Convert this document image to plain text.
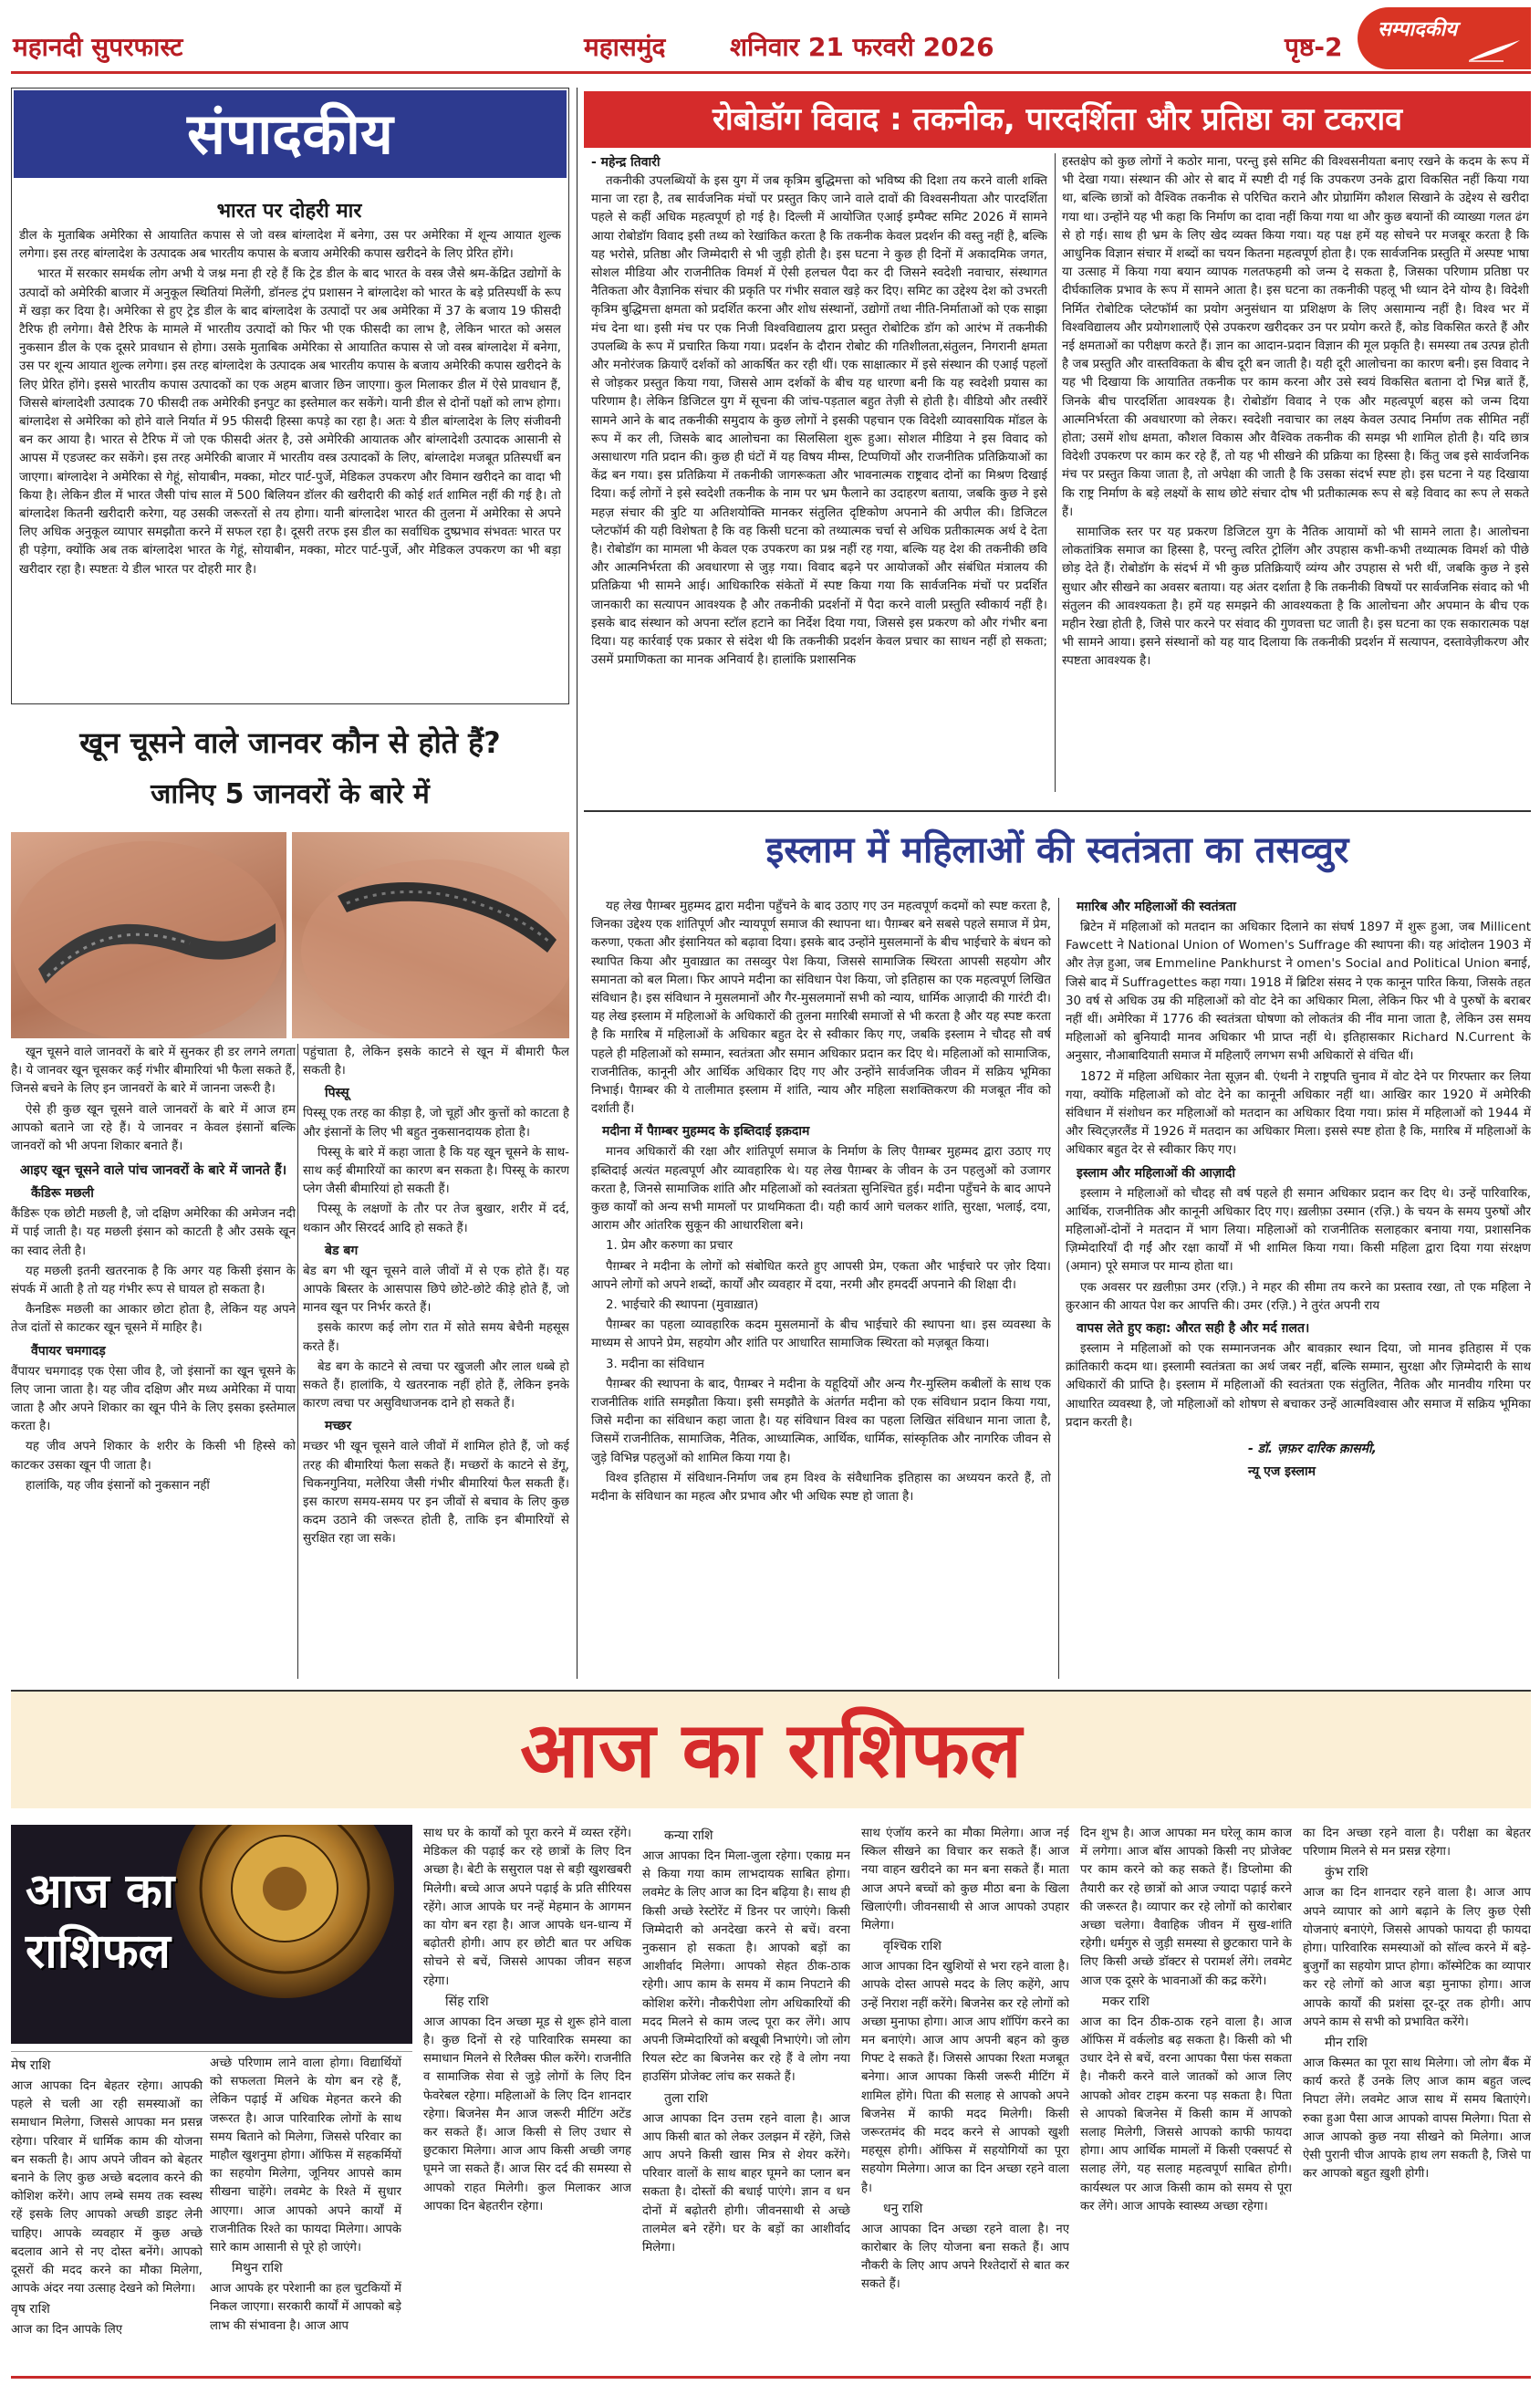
महानदी सुपरफास्ट	महासमुंद	शनिवार 21 फरवरी 2026	पृष्ठ-2
सम्पादकीय
संपादकीय
भारत पर दोहरी मार

डील के मुताबिक अमेरिका से आयातित कपास से जो वस्त्र बांग्लादेश में बनेगा, उस पर अमेरिका में शून्य आयात शुल्क लगेगा। इस तरह बांग्लादेश के उत्पादक अब भारतीय कपास के बजाय अमेरिकी कपास खरीदने के लिए प्रेरित होंगे।

भारत में सरकार समर्थक लोग अभी ये जश्न मना ही रहे हैं कि ट्रेड डील के बाद भारत के वस्त्र जैसे श्रम-केंद्रित उद्योगों के उत्पादों को अमेरिकी बाजार में अनुकूल स्थितियां मिलेंगी, डॉनल्ड ट्रंप प्रशासन ने बांग्लादेश को भारत के बड़े प्रतिस्पर्धी के रूप में खड़ा कर दिया है। अमेरिका से हुए ट्रेड डील के बाद बांग्लादेश के उत्पादों पर अब अमेरिका में 37 के बजाय 19 फीसदी टैरिफ ही लगेगा। वैसे टैरिफ के मामले में भारतीय उत्पादों को फिर भी एक फीसदी का लाभ है, लेकिन भारत को असल नुकसान डील के एक दूसरे प्रावधान से होगा। उसके मुताबिक अमेरिका से आयातित कपास से जो वस्त्र बांग्लादेश में बनेगा, उस पर शून्य आयात शुल्क लगेगा। इस तरह बांग्लादेश के उत्पादक अब भारतीय कपास के बजाय अमेरिकी कपास खरीदने के लिए प्रेरित होंगे। इससे भारतीय कपास उत्पादकों का एक अहम बाजार छिन जाएगा। कुल मिलाकर डील में ऐसे प्रावधान हैं, जिससे बांग्लादेशी उत्पादक 70 फीसदी तक अमेरिकी इनपुट का इस्तेमाल कर सकेंगे। यानी डील से दोनों पक्षों को लाभ होगा। बांग्लादेश से अमेरिका को होने वाले निर्यात में 95 फीसदी हिस्सा कपड़े का रहा है। अतः ये डील बांग्लादेश के लिए संजीवनी बन कर आया है। भारत से टैरिफ में जो एक फीसदी अंतर है, उसे अमेरिकी आयातक और बांग्लादेशी उत्पादक आसानी से आपस में एडजस्ट कर सकेंगे। इस तरह अमेरिकी बाजार में भारतीय वस्त्र उत्पादकों के लिए, बांग्लादेश मजबूत प्रतिस्पर्धी बन जाएगा। बांग्लादेश ने अमेरिका से गेहूं, सोयाबीन, मक्का, मोटर पार्ट-पुर्जे, मेडिकल उपकरण और विमान खरीदने का वादा भी किया है। लेकिन डील में भारत जैसी पांच साल में 500 बिलियन डॉलर की खरीदारी की कोई शर्त शामिल नहीं की गई है। तो बांग्लादेश कितनी खरीदारी करेगा, यह उसकी जरूरतों से तय होगा। यानी बांग्लादेश भारत की तुलना में अमेरिका से अपने लिए अधिक अनुकूल व्यापार समझौता करने में सफल रहा है। दूसरी तरफ इस डील का सर्वाधिक दुष्प्रभाव संभवतः भारत पर ही पड़ेगा, क्योंकि अब तक बांग्लादेश भारत के गेहूं, सोयाबीन, मक्का, मोटर पार्ट-पुर्जे, और मेडिकल उपकरण का भी बड़ा खरीदार रहा है। स्पष्टतः ये डील भारत पर दोहरी मार है।

रोबोडॉग विवाद : तकनीक, पारदर्शिता और प्रतिष्ठा का टकराव
- महेन्द्र तिवारी

तकनीकी उपलब्धियों के इस युग में जब कृत्रिम बुद्धिमत्ता को भविष्य की दिशा तय करने वाली शक्ति माना जा रहा है, तब सार्वजनिक मंचों पर प्रस्तुत किए जाने वाले दावों की विश्वसनीयता और पारदर्शिता पहले से कहीं अधिक महत्वपूर्ण हो गई है। दिल्ली में आयोजित एआई इम्पैक्ट समिट 2026 में सामने आया रोबोडॉग विवाद इसी तथ्य को रेखांकित करता है कि तकनीक केवल प्रदर्शन की वस्तु नहीं है, बल्कि यह भरोसे, प्रतिष्ठा और जिम्मेदारी से भी जुड़ी होती है। इस घटना ने कुछ ही दिनों में अकादमिक जगत, सोशल मीडिया और राजनीतिक विमर्श में ऐसी हलचल पैदा कर दी जिसने स्वदेशी नवाचार, संस्थागत नैतिकता और वैज्ञानिक संचार की प्रकृति पर गंभीर सवाल खड़े कर दिए। समिट का उद्देश्य देश को उभरती कृत्रिम बुद्धिमत्ता क्षमता को प्रदर्शित करना और शोध संस्थानों, उद्योगों तथा नीति-निर्माताओं को एक साझा मंच देना था। इसी मंच पर एक निजी विश्वविद्यालय द्वारा प्रस्तुत रोबोटिक डॉग को आरंभ में तकनीकी उपलब्धि के रूप में प्रचारित किया गया। प्रदर्शन के दौरान रोबोट की गतिशीलता,संतुलन, निगरानी क्षमता और मनोरंजक क्रियाएँ दर्शकों को आकर्षित कर रही थीं। एक साक्षात्कार में इसे संस्थान की एआई पहलों से जोड़कर प्रस्तुत किया गया, जिससे आम दर्शकों के बीच यह धारणा बनी कि यह स्वदेशी प्रयास का परिणाम है। लेकिन डिजिटल युग में सूचना की जांच-पड़ताल बहुत तेज़ी से होती है। वीडियो और तस्वीरें सामने आने के बाद तकनीकी समुदाय के कुछ लोगों ने इसकी पहचान एक विदेशी व्यावसायिक मॉडल के रूप में कर ली, जिसके बाद आलोचना का सिलसिला शुरू हुआ। सोशल मीडिया ने इस विवाद को असाधारण गति प्रदान की। कुछ ही घंटों में यह विषय मीम्स, टिप्पणियों और राजनीतिक प्रतिक्रियाओं का केंद्र बन गया। इस प्रतिक्रिया में तकनीकी जागरूकता और भावनात्मक राष्ट्रवाद दोनों का मिश्रण दिखाई दिया। कई लोगों ने इसे स्वदेशी तकनीक के नाम पर भ्रम फैलाने का उदाहरण बताया, जबकि कुछ ने इसे महज़ संचार की त्रुटि या अतिशयोक्ति मानकर संतुलित दृष्टिकोण अपनाने की अपील की। डिजिटल प्लेटफॉर्म की यही विशेषता है कि वह किसी घटना को तथ्यात्मक चर्चा से अधिक प्रतीकात्मक अर्थ दे देता है। रोबोडॉग का मामला भी केवल एक उपकरण का प्रश्न नहीं रह गया, बल्कि यह देश की तकनीकी छवि और आत्मनिर्भरता की अवधारणा से जुड़ गया। विवाद बढ़ने पर आयोजकों और संबंधित मंत्रालय की प्रतिक्रिया भी सामने आई। आधिकारिक संकेतों में स्पष्ट किया गया कि सार्वजनिक मंचों पर प्रदर्शित जानकारी का सत्यापन आवश्यक है और तकनीकी प्रदर्शनों में पैदा करने वाली प्रस्तुति स्वीकार्य नहीं है। इसके बाद संस्थान को अपना स्टॉल हटाने का निर्देश दिया गया, जिससे इस प्रकरण को और गंभीर बना दिया। यह कार्रवाई एक प्रकार से संदेश थी कि तकनीकी प्रदर्शन केवल प्रचार का साधन नहीं हो सकता; उसमें प्रमाणिकता का मानक अनिवार्य है। हालांकि प्रशासनिक

हस्तक्षेप को कुछ लोगों ने कठोर माना, परन्तु इसे समिट की विश्वसनीयता बनाए रखने के कदम के रूप में भी देखा गया। संस्थान की ओर से बाद में स्पष्टी दी गई कि उपकरण उनके द्वारा विकसित नहीं किया गया था, बल्कि छात्रों को वैश्विक तकनीक से परिचित कराने और प्रोग्रामिंग कौशल सिखाने के उद्देश्य से खरीदा गया था। उन्होंने यह भी कहा कि निर्माण का दावा नहीं किया गया था और कुछ बयानों की व्याख्या गलत ढंग से हो गई। साथ ही भ्रम के लिए खेद व्यक्त किया गया। यह पक्ष हमें यह सोचने पर मजबूर करता है कि आधुनिक विज्ञान संचार में शब्दों का चयन कितना महत्वपूर्ण होता है। एक सार्वजनिक प्रस्तुति में अस्पष्ट भाषा या उत्साह में किया गया बयान व्यापक गलतफहमी को जन्म दे सकता है, जिसका परिणाम प्रतिष्ठा पर दीर्घकालिक प्रभाव के रूप में सामने आता है। इस घटना का तकनीकी पहलू भी ध्यान देने योग्य है। विदेशी निर्मित रोबोटिक प्लेटफॉर्म का प्रयोग अनुसंधान या प्रशिक्षण के लिए असामान्य नहीं है। विश्व भर में विश्वविद्यालय और प्रयोगशालाएँ ऐसे उपकरण खरीदकर उन पर प्रयोग करते हैं, कोड विकसित करते हैं और नई क्षमताओं का परीक्षण करते हैं। ज्ञान का आदान-प्रदान विज्ञान की मूल प्रकृति है। समस्या तब उत्पन्न होती है जब प्रस्तुति और वास्तविकता के बीच दूरी बन जाती है। यही दूरी आलोचना का कारण बनी। इस विवाद ने यह भी दिखाया कि आयातित तकनीक पर काम करना और उसे स्वयं विकसित बताना दो भिन्न बातें हैं, जिनके बीच पारदर्शिता आवश्यक है। रोबोडॉग विवाद ने एक और महत्वपूर्ण बहस को जन्म दिया आत्मनिर्भरता की अवधारणा को लेकर। स्वदेशी नवाचार का लक्ष्य केवल उत्पाद निर्माण तक सीमित नहीं होता; उसमें शोध क्षमता, कौशल विकास और वैश्विक तकनीक की समझ भी शामिल होती है। यदि छात्र विदेशी उपकरण पर काम कर रहे हैं, तो यह भी सीखने की प्रक्रिया का हिस्सा है। किंतु जब इसे सार्वजनिक मंच पर प्रस्तुत किया जाता है, तो अपेक्षा की जाती है कि उसका संदर्भ स्पष्ट हो। इस घटना ने यह दिखाया कि राष्ट्र निर्माण के बड़े लक्ष्यों के साथ छोटे संचार दोष भी प्रतीकात्मक रूप से बड़े विवाद का रूप ले सकते हैं।

सामाजिक स्तर पर यह प्रकरण डिजिटल युग के नैतिक आयामों को भी सामने लाता है। आलोचना लोकतांत्रिक समाज का हिस्सा है, परन्तु त्वरित ट्रोलिंग और उपहास कभी-कभी तथ्यात्मक विमर्श को पीछे छोड़ देते हैं। रोबोडॉग के संदर्भ में भी कुछ प्रतिक्रियाएँ व्यंग्य और उपहास से भरी थीं, जबकि कुछ ने इसे सुधार और सीखने का अवसर बताया। यह अंतर दर्शाता है कि तकनीकी विषयों पर सार्वजनिक संवाद को भी संतुलन की आवश्यकता है। हमें यह समझने की आवश्यकता है कि आलोचना और अपमान के बीच एक महीन रेखा होती है, जिसे पार करने पर संवाद की गुणवत्ता घट जाती है। इस घटना का एक सकारात्मक पक्ष भी सामने आया। इसने संस्थानों को यह याद दिलाया कि तकनीकी प्रदर्शन में सत्यापन, दस्तावेज़ीकरण और स्पष्टता आवश्यक है।

खून चूसने वाले जानवर कौन से होते हैं?
जानिए 5 जानवरों के बारे में

खून चूसने वाले जानवरों के बारे में सुनकर ही डर लगने लगता है। ये जानवर खून चूसकर कई गंभीर बीमारियां भी फैला सकते हैं, जिनसे बचने के लिए इन जानवरों के बारे में जानना जरूरी है।

ऐसे ही कुछ खून चूसने वाले जानवरों के बारे में आज हम आपको बताने जा रहे हैं। ये जानवर न केवल इंसानों बल्कि जानवरों को भी अपना शिकार बनाते हैं।

आइए खून चूसने वाले पांच जानवरों के बारे में जानते हैं।
कैंडिरू मछली

कैंडिरू एक छोटी मछली है, जो दक्षिण अमेरिका की अमेजन नदी में पाई जाती है। यह मछली इंसान को काटती है और उसके खून का स्वाद लेती है।

यह मछली इतनी खतरनाक है कि अगर यह किसी इंसान के संपर्क में आती है तो यह गंभीर रूप से घायल हो सकता है।

कैनडिरू मछली का आकार छोटा होता है, लेकिन यह अपने तेज दांतों से काटकर खून चूसने में माहिर है।

वैंपायर चमगादड़

वैंपायर चमगादड़ एक ऐसा जीव है, जो इंसानों का खून चूसने के लिए जाना जाता है। यह जीव दक्षिण और मध्य अमेरिका में पाया जाता है और अपने शिकार का खून पीने के लिए इसका इस्तेमाल करता है।

यह जीव अपने शिकार के शरीर के किसी भी हिस्से को काटकर उसका खून पी जाता है।

हालांकि, यह जीव इंसानों को नुकसान नहीं

पहुंचाता है, लेकिन इसके काटने से खून में बीमारी फैल सकती है।

पिस्सू

पिस्सू एक तरह का कीड़ा है, जो चूहों और कुत्तों को काटता है और इंसानों के लिए भी बहुत नुकसानदायक होता है।

पिस्सू के बारे में कहा जाता है कि यह खून चूसने के साथ-साथ कई बीमारियों का कारण बन सकता है। पिस्सू के कारण प्लेग जैसी बीमारियां हो सकती हैं।

पिस्सू के लक्षणों के तौर पर तेज बुखार, शरीर में दर्द, थकान और सिरदर्द आदि हो सकते हैं।

बेड बग

बेड बग भी खून चूसने वाले जीवों में से एक होते हैं। यह आपके बिस्तर के आसपास छिपे छोटे-छोटे कीड़े होते हैं, जो मानव खून पर निर्भर करते हैं।

इसके कारण कई लोग रात में सोते समय बेचैनी महसूस करते हैं।

बेड बग के काटने से त्वचा पर खुजली और लाल धब्बे हो सकते हैं। हालांकि, ये खतरनाक नहीं होते हैं, लेकिन इनके कारण त्वचा पर असुविधाजनक दाने हो सकते हैं।

मच्छर

मच्छर भी खून चूसने वाले जीवों में शामिल होते हैं, जो कई तरह की बीमारियां फैला सकते हैं। मच्छरों के काटने से डेंगू, चिकनगुनिया, मलेरिया जैसी गंभीर बीमारियां फैल सकती हैं। इस कारण समय-समय पर इन जीवों से बचाव के लिए कुछ कदम उठाने की जरूरत होती है, ताकि इन बीमारियों से सुरक्षित रहा जा सके।

इस्लाम में महिलाओं की स्वतंत्रता का तसव्वुर

यह लेख पैग़म्बर मुहम्मद द्वारा मदीना पहुँचने के बाद उठाए गए उन महत्वपूर्ण कदमों को स्पष्ट करता है, जिनका उद्देश्य एक शांतिपूर्ण और न्यायपूर्ण समाज की स्थापना था। पैग़म्बर बने सबसे पहले समाज में प्रेम, करुणा, एकता और इंसानियत को बढ़ावा दिया। इसके बाद उन्होंने मुसलमानों के बीच भाईचारे के बंधन को स्थापित किया और मुवाख़ात का तसव्वुर पेश किया, जिससे सामाजिक स्थिरता आपसी सहयोग और समानता को बल मिला। फिर आपने मदीना का संविधान पेश किया, जो इतिहास का एक महत्वपूर्ण लिखित संविधान है। इस संविधान ने मुसलमानों और गैर-मुसलमानों सभी को न्याय, धार्मिक आज़ादी की गारंटी दी। यह लेख इस्लाम में महिलाओं के अधिकारों की तुलना मग़रिबी समाजों से भी करता है और यह स्पष्ट करता है कि मग़रिब में महिलाओं के अधिकार बहुत देर से स्वीकार किए गए, जबकि इस्लाम ने चौदह सौ वर्ष पहले ही महिलाओं को सम्मान, स्वतंत्रता और समान अधिकार प्रदान कर दिए थे। महिलाओं को सामाजिक, राजनीतिक, कानूनी और आर्थिक अधिकार दिए गए और उन्होंने सार्वजनिक जीवन में सक्रिय भूमिका निभाई। पैग़म्बर की ये तालीमात इस्लाम में शांति, न्याय और महिला सशक्तिकरण की मजबूत नींव को दर्शाती हैं।

मदीना में पैग़म्बर मुहम्मद के इब्तिदाई इक़दाम

मानव अधिकारों की रक्षा और शांतिपूर्ण समाज के निर्माण के लिए पैग़म्बर मुहम्मद द्वारा उठाए गए इब्तिदाई अत्यंत महत्वपूर्ण और व्यावहारिक थे। यह लेख पैग़म्बर के जीवन के उन पहलुओं को उजागर करता है, जिनसे सामाजिक शांति और महिलाओं को स्वतंत्रता सुनिश्चित हुई। मदीना पहुँचने के बाद आपने कुछ कार्यों को अन्य सभी मामलों पर प्राथमिकता दी। यही कार्य आगे चलकर शांति, सुरक्षा, भलाई, दया, आराम और आंतरिक सुकून की आधारशिला बने।

1. प्रेम और करुणा का प्रचार

पैग़म्बर ने मदीना के लोगों को संबोधित करते हुए आपसी प्रेम, एकता और भाईचारे पर ज़ोर दिया। आपने लोगों को अपने शब्दों, कार्यों और व्यवहार में दया, नरमी और हमदर्दी अपनाने की शिक्षा दी।

2. भाईचारे की स्थापना (मुवाख़ात)

पैग़म्बर का पहला व्यावहारिक कदम मुसलमानों के बीच भाईचारे की स्थापना था। इस व्यवस्था के माध्यम से आपने प्रेम, सहयोग और शांति पर आधारित सामाजिक स्थिरता को मज़बूत किया।

3. मदीना का संविधान

पैग़म्बर की स्थापना के बाद, पैग़म्बर ने मदीना के यहूदियों और अन्य गैर-मुस्लिम कबीलों के साथ एक राजनीतिक शांति समझौता किया। इसी समझौते के अंतर्गत मदीना को एक संविधान प्रदान किया गया, जिसे मदीना का संविधान कहा जाता है। यह संविधान विश्व का पहला लिखित संविधान माना जाता है, जिसमें राजनीतिक, सामाजिक, नैतिक, आध्यात्मिक, आर्थिक, धार्मिक, सांस्कृतिक और नागरिक जीवन से जुड़े विभिन्न पहलुओं को शामिल किया गया है।

विश्व इतिहास में संविधान-निर्माण जब हम विश्व के संवैधानिक इतिहास का अध्ययन करते हैं, तो मदीना के संविधान का महत्व और प्रभाव और भी अधिक स्पष्ट हो जाता है।

मग़रिब और महिलाओं की स्वतंत्रता

ब्रिटेन में महिलाओं को मतदान का अधिकार दिलाने का संघर्ष 1897 में शुरू हुआ, जब Millicent Fawcett ने National Union of Women's Suffrage की स्थापना की। यह आंदोलन 1903 में और तेज़ हुआ, जब Emmeline Pankhurst ने omen's Social and Political Union बनाई, जिसे बाद में Suffragettes कहा गया। 1918 में ब्रिटिश संसद ने एक कानून पारित किया, जिसके तहत 30 वर्ष से अधिक उम्र की महिलाओं को वोट देने का अधिकार मिला, लेकिन फिर भी वे पुरुषों के बराबर नहीं थीं। अमेरिका में 1776 की स्वतंत्रता घोषणा को लोकतंत्र की नींव माना जाता है, लेकिन उस समय महिलाओं को बुनियादी मानव अधिकार भी प्राप्त नहीं थे। इतिहासकार Richard N.Current के अनुसार, नौआबादियाती समाज में महिलाएँ लगभग सभी अधिकारों से वंचित थीं।

1872 में महिला अधिकार नेता सूज़न बी. एंथनी ने राष्ट्रपति चुनाव में वोट देने पर गिरफ्तार कर लिया गया, क्योंकि महिलाओं को वोट देने का कानूनी अधिकार नहीं था। आखिर कार 1920 में अमेरिकी संविधान में संशोधन कर महिलाओं को मतदान का अधिकार दिया गया। फ्रांस में महिलाओं को 1944 में और स्विट्ज़रलैंड में 1926 में मतदान का अधिकार मिला। इससे स्पष्ट होता है कि, मग़रिब में महिलाओं के अधिकार बहुत देर से स्वीकार किए गए।

इस्लाम और महिलाओं की आज़ादी

इस्लाम ने महिलाओं को चौदह सौ वर्ष पहले ही समान अधिकार प्रदान कर दिए थे। उन्हें पारिवारिक, आर्थिक, राजनीतिक और कानूनी अधिकार दिए गए। ख़लीफ़ा उस्मान (रज़ि.) के चयन के समय पुरुषों और महिलाओं-दोनों ने मतदान में भाग लिया। महिलाओं को राजनीतिक सलाहकार बनाया गया, प्रशासनिक ज़िम्मेदारियाँ दी गईं और रक्षा कार्यों में भी शामिल किया गया। किसी महिला द्वारा दिया गया संरक्षण (अमान) पूरे समाज पर मान्य होता था।

एक अवसर पर ख़लीफ़ा उमर (रज़ि.) ने महर की सीमा तय करने का प्रस्ताव रखा, तो एक महिला ने क़ुरआन की आयत पेश कर आपत्ति की। उमर (रज़ि.) ने तुरंत अपनी राय

वापस लेते हुए कहा: औरत सही है और मर्द ग़लत।

इस्लाम ने महिलाओं को एक सम्मानजनक और बावक़ार स्थान दिया, जो मानव इतिहास में एक क्रांतिकारी कदम था। इस्लामी स्वतंत्रता का अर्थ जबर नहीं, बल्कि सम्मान, सुरक्षा और ज़िम्मेदारी के साथ अधिकारों की प्राप्ति है। इस्लाम में महिलाओं की स्वतंत्रता एक संतुलित, नैतिक और मानवीय गरिमा पर आधारित व्यवस्था है, जो महिलाओं को शोषण से बचाकर उन्हें आत्मविश्वास और समाज में सक्रिय भूमिका प्रदान करती है।

- डॉ. ज़फ़र दारिक क़ासमी,
न्यू एज इस्लाम
आज का राशिफल
आज का राशिफल

साथ घर के कार्यों को पूरा करने में व्यस्त रहेंगे। मेडिकल की पढ़ाई कर रहे छात्रों के लिए दिन अच्छा है। बेटी के ससुराल पक्ष से बड़ी खुशखबरी मिलेगी। बच्चे आज अपने पढ़ाई के प्रति सीरियस रहेंगे। आज आपके घर नन्हें मेहमान के आगमन का योग बन रहा है। आज आपके धन-धान्य में बढ़ोतरी होगी। आप हर छोटी बात पर अधिक सोचने से बचें, जिससे आपका जीवन सहज रहेगा।

सिंह राशि

आज आपका दिन अच्छा मूड से शुरू होने वाला है। कुछ दिनों से रहे पारिवारिक समस्या का समाधान मिलने से रिलैक्स फील करेंगे। राजनीति व सामाजिक सेवा से जुड़े लोगों के लिए दिन फेवरेबल रहेगा। महिलाओं के लिए दिन शानदार रहेगा। बिजनेस मैन आज जरूरी मीटिंग अटेंड कर सकते हैं। आज किसी से लिए उधार से छुटकारा मिलेगा। आज आप किसी अच्छी जगह घूमने जा सकते हैं। आज सिर दर्द की समस्या से आपको राहत मिलेगी। कुल मिलाकर आज आपका दिन बेहतरीन रहेगा।

कन्या राशि

आज आपका दिन मिला-जुला रहेगा। एकाग्र मन से किया गया काम लाभदायक साबित होगा। लवमेट के लिए आज का दिन बढ़िया है। साथ ही किसी अच्छे रेस्टोरेंट में डिनर पर जाएंगे। किसी जिम्मेदारी को अनदेखा करने से बचें। वरना नुकसान हो सकता है। आपको बड़ों का आशीर्वाद मिलेगा। आपको सेहत ठीक-ठाक रहेगी। आप काम के समय में काम निपटाने की कोशिश करेंगे। नौकरीपेशा लोग अधिकारियों की मदद मिलने से काम जल्द पूरा कर लेंगे। आप अपनी जिम्मेदारियों को बखूबी निभाएंगे। जो लोग रियल स्टेट का बिजनेस कर रहे हैं वे लोग नया हाउसिंग प्रोजेक्ट लांच कर सकते हैं।

तुला राशि

आज आपका दिन उत्तम रहने वाला है। आज आप किसी बात को लेकर उलझन में रहेंगे, जिसे आप अपने किसी खास मित्र से शेयर करेंगे। परिवार वालों के साथ बाहर घूमने का प्लान बन सकता है। दोस्तों की बधाई पाएंगे। ज्ञान व धन दोनों में बढ़ोतरी होगी। जीवनसाथी से अच्छे तालमेल बने रहेंगे। घर के बड़ों का आशीर्वाद मिलेगा।

साथ एंजॉय करने का मौका मिलेगा। आज नई स्किल सीखने का विचार कर सकते हैं। आज नया वाहन खरीदने का मन बना सकते हैं। माता आज अपने बच्चों को कुछ मीठा बना के खिला खिलाएंगी। जीवनसाथी से आज आपको उपहार मिलेगा।

वृश्चिक राशि

आज आपका दिन खुशियों से भरा रहने वाला है। आपके दोस्त आपसे मदद के लिए कहेंगे, आप उन्हें निराश नहीं करेंगे। बिजनेस कर रहे लोगों को अच्छा मुनाफा होगा। आज आप शॉपिंग करने का मन बनाएंगे। आज आप अपनी बहन को कुछ गिफ्ट दे सकते हैं। जिससे आपका रिश्ता मजबूत बनेगा। आज आपका किसी जरूरी मीटिंग में शामिल होंगे। पिता की सलाह से आपको अपने बिजनेस में काफी मदद मिलेगी। किसी जरूरतमंद की मदद करने से आपको खुशी महसूस होगी। ऑफिस में सहयोगियों का पूरा सहयोग मिलेगा। आज का दिन अच्छा रहने वाला है।

धनु राशि

आज आपका दिन अच्छा रहने वाला है। नए कारोबार के लिए योजना बना सकते हैं। आप नौकरी के लिए आप अपने रिश्तेदारों से बात कर सकते हैं।

दिन शुभ है। आज आपका मन घरेलू काम काज में लगेगा। आज बॉस आपको किसी नए प्रोजेक्ट पर काम करने को कह सकते हैं। डिप्लोमा की तैयारी कर रहे छात्रों को आज ज्यादा पढ़ाई करने की जरूरत है। व्यापार कर रहे लोगों को कारोबार अच्छा चलेगा। वैवाहिक जीवन में सुख-शांति रहेगी। धर्मगुरु से जुड़ी समस्या से छुटकारा पाने के लिए किसी अच्छे डॉक्टर से परामर्श लेंगे। लवमेट आज एक दूसरे के भावनाओं की कद्र करेंगे।

मकर राशि

आज का दिन ठीक-ठाक रहने वाला है। आज ऑफिस में वर्कलोड बढ़ सकता है। किसी को भी उधार देने से बचें, वरना आपका पैसा फंस सकता है। नौकरी करने वाले जातकों को आज लिए आपको ओवर टाइम करना पड़ सकता है। पिता से आपको बिजनेस में किसी काम में आपको सलाह मिलेगी, जिससे आपको काफी फायदा होगा। आप आर्थिक मामलों में किसी एक्सपर्ट से सलाह लेंगे, यह सलाह महत्वपूर्ण साबित होगी। कार्यस्थल पर आज किसी काम को समय से पूरा कर लेंगे। आज आपके स्वास्थ्य अच्छा रहेगा।

का दिन अच्छा रहने वाला है। परीक्षा का बेहतर परिणाम मिलने से मन प्रसन्न रहेगा।

कुंभ राशि

आज का दिन शानदार रहने वाला है। आज आप अपने व्यापार को आगे बढ़ाने के लिए कुछ ऐसी योजनाएं बनाएंगे, जिससे आपको फायदा ही फायदा होगा। पारिवारिक समस्याओं को सॉल्व करने में बड़े-बुजुर्गों का सहयोग प्राप्त होगा। कॉस्मेटिक का व्यापार कर रहे लोगों को आज बड़ा मुनाफा होगा। आज आपके कार्यों की प्रशंसा दूर-दूर तक होगी। आप अपने काम से सभी को प्रभावित करेंगे।

मीन राशि

आज किस्मत का पूरा साथ मिलेगा। जो लोग बैंक में कार्य करते हैं उनके लिए आज काम बहुत जल्द निपटा लेंगे। लवमेट आज साथ में समय बिताएंगे। रुका हुआ पैसा आज आपको वापस मिलेगा। पिता से आज आपको कुछ नया सीखने को मिलेगा। आज ऐसी पुरानी चीज आपके हाथ लग सकती है, जिसे पा कर आपको बहुत ख़ुशी होगी।

मेष राशि

आज आपका दिन बेहतर रहेगा। आपकी पहले से चली आ रही समस्याओं का समाधान मिलेगा, जिससे आपका मन प्रसन्न रहेगा। परिवार में धार्मिक काम की योजना बन सकती है। आप अपने जीवन को बेहतर बनाने के लिए कुछ अच्छे बदलाव करने की कोशिश करेंगे। आप लम्बे समय तक स्वस्थ रहें इसके लिए आपको अच्छी डाइट लेनी चाहिए। आपके व्यवहार में कुछ अच्छे बदलाव आने से नए दोस्त बनेंगे। आपको दूसरों की मदद करने का मौका मिलेगा, आपके अंदर नया उत्साह देखने को मिलेगा।

वृष राशि

आज का दिन आपके लिए

अच्छे परिणाम लाने वाला होगा। विद्यार्थियों को सफलता मिलने के योग बन रहे हैं, लेकिन पढ़ाई में अधिक मेहनत करने की जरूरत है। आज पारिवारिक लोगों के साथ समय बिताने को मिलेगा, जिससे परिवार का माहौल खुशनुमा होगा। ऑफिस में सहकर्मियों का सहयोग मिलेगा, जूनियर आपसे काम सीखना चाहेंगे। लवमेट के रिश्ते में सुधार आएगा। आज आपको अपने कार्यों में राजनीतिक रिश्ते का फायदा मिलेगा। आपके सारे काम आसानी से पूरे हो जाएंगे।

मिथुन राशि

आज आपके हर परेशानी का हल चुटकियों में निकल जाएगा। सरकारी कार्यों में आपको बड़े लाभ की संभावना है। आज आप
